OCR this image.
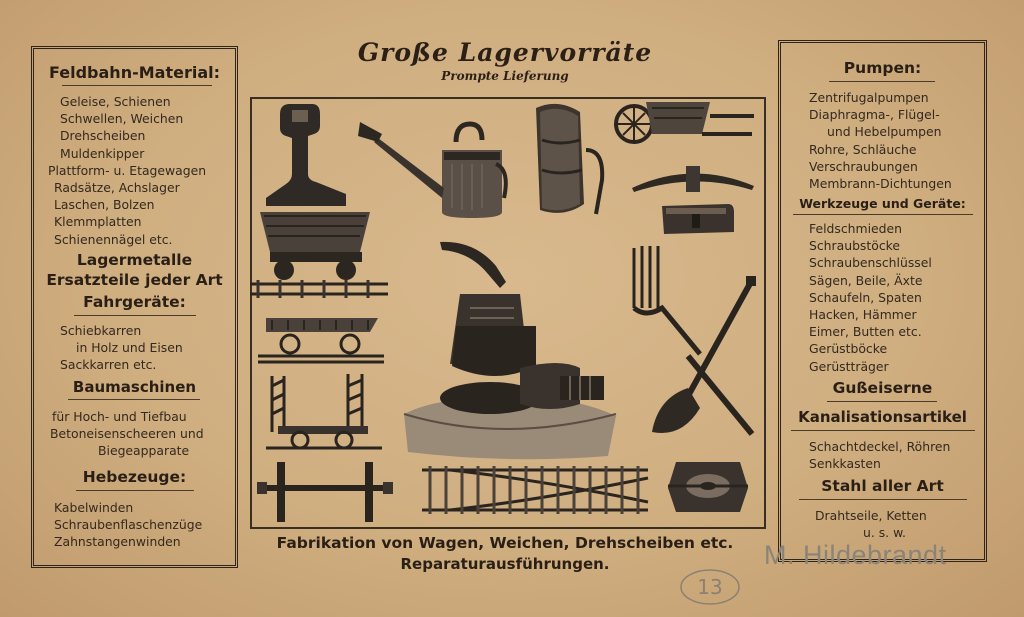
Feldbahn-Material:
Geleise, Schienen
Schwellen, Weichen
Drehscheiben
Muldenkipper
Plattform- u. Etagewagen
Radsätze, Achslager
Laschen, Bolzen
Klemmplatten
Schienennägel etc.
Lagermetalle
Ersatzteile jeder Art
Fahrgeräte:
Schiebkarren
in Holz und Eisen
Sackkarren etc.
Baumaschinen
für Hoch- und Tiefbau
Betoneisenscheeren und
Biegeapparate
Hebezeuge:
Kabelwinden
Schraubenflaschenzüge
Zahnstangenwinden
Pumpen:
Zentrifugalpumpen
Diaphragma-, Flügel-
und Hebelpumpen
Rohre, Schläuche
Verschraubungen
Membrann-Dichtungen
Werkzeuge und Geräte:
Feldschmieden
Schraubstöcke
Schraubenschlüssel
Sägen, Beile, Äxte
Schaufeln, Spaten
Hacken, Hämmer
Eimer, Butten etc.
Gerüstböcke
Gerüstträger
Gußeiserne
Kanalisationsartikel
Schachtdeckel, Röhren
Senkkasten
Stahl aller Art
Drahtseile, Ketten
u. s. w.
Große Lagervorräte
Prompte Lieferung
Fabrikation von Wagen, Weichen, Drehscheiben etc.
Reparaturausführungen.	M. Hildebrandt
13
